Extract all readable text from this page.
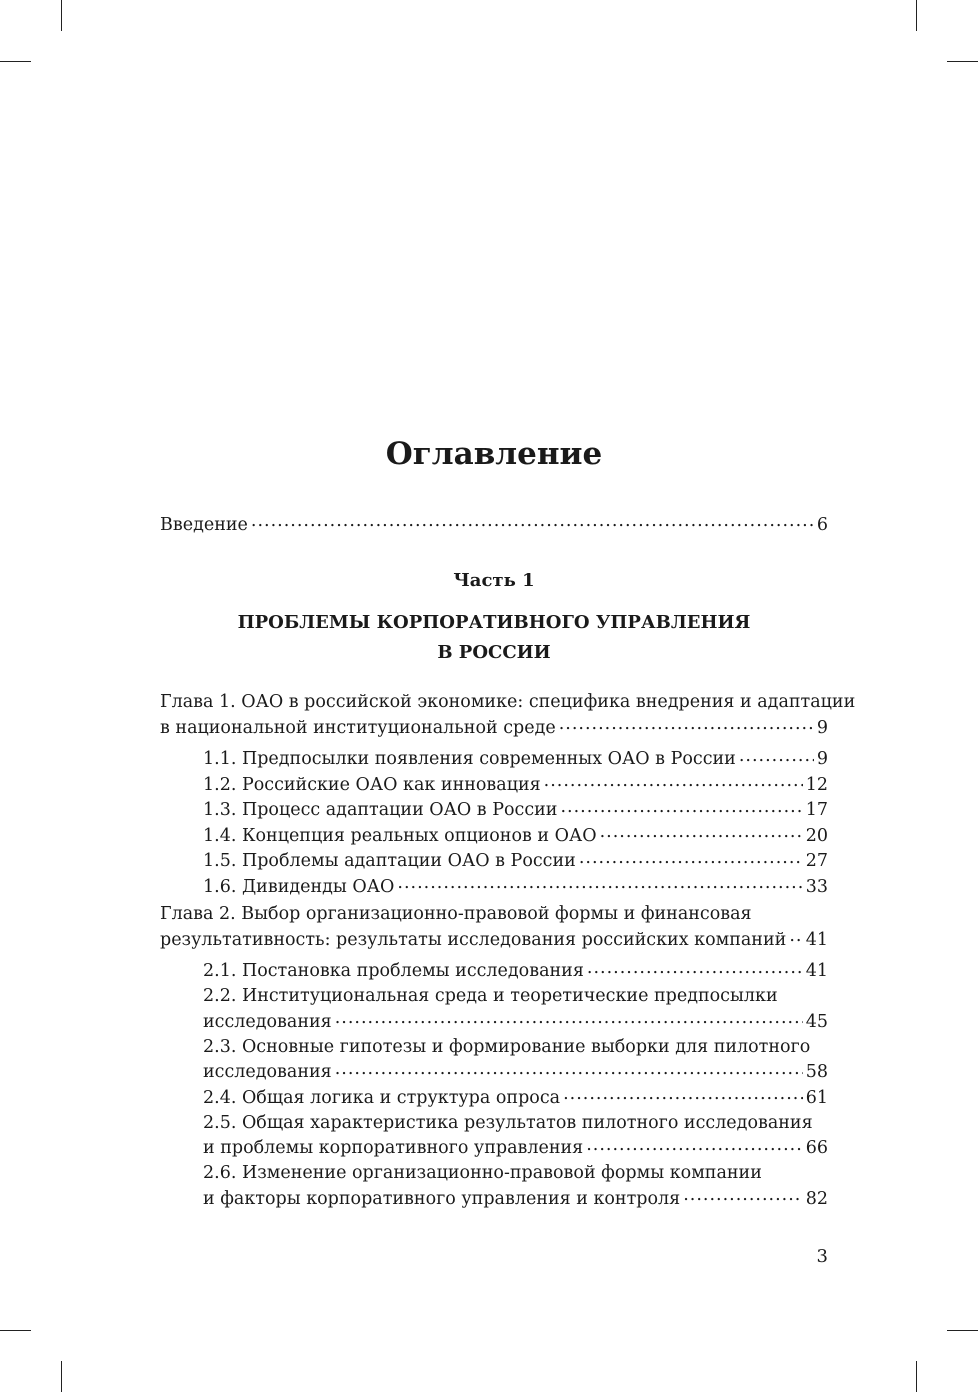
Оглавление
Введение .....	6
Часть 1
ПРОБЛЕМЫ КОРПОРАТИВНОГО УПРАВЛЕНИЯ
В РОССИИ
Глава 1. ОАО в российской экономике: специфика внедрения и адаптации
в национальной институциональной среде .....	9
1.1. Предпосылки появления современных ОАО в России .....	9
1.2. Российские ОАО как инновация .....	12
1.3. Процесс адаптации ОАО в России .....	17
1.4. Концепция реальных опционов и ОАО .....	20
1.5. Проблемы адаптации ОАО в России .....	27
1.6. Дивиденды ОАО .....	33
Глава 2. Выбор организационно-правовой формы и финансовая
результативность: результаты исследования российских компаний ..... 41
2.1. Постановка проблемы исследования .....	41
2.2. Институциональная среда и теоретические предпосылки
исследования .....	45
2.3. Основные гипотезы и формирование выборки для пилотного
исследования .....	58
2.4. Общая логика и структура опроса .....	61
2.5. Общая характеристика результатов пилотного исследования
и проблемы корпоративного управления .....	66
2.6. Изменение организационно-правовой формы компании
и факторы корпоративного управления и контроля .....	82
3
